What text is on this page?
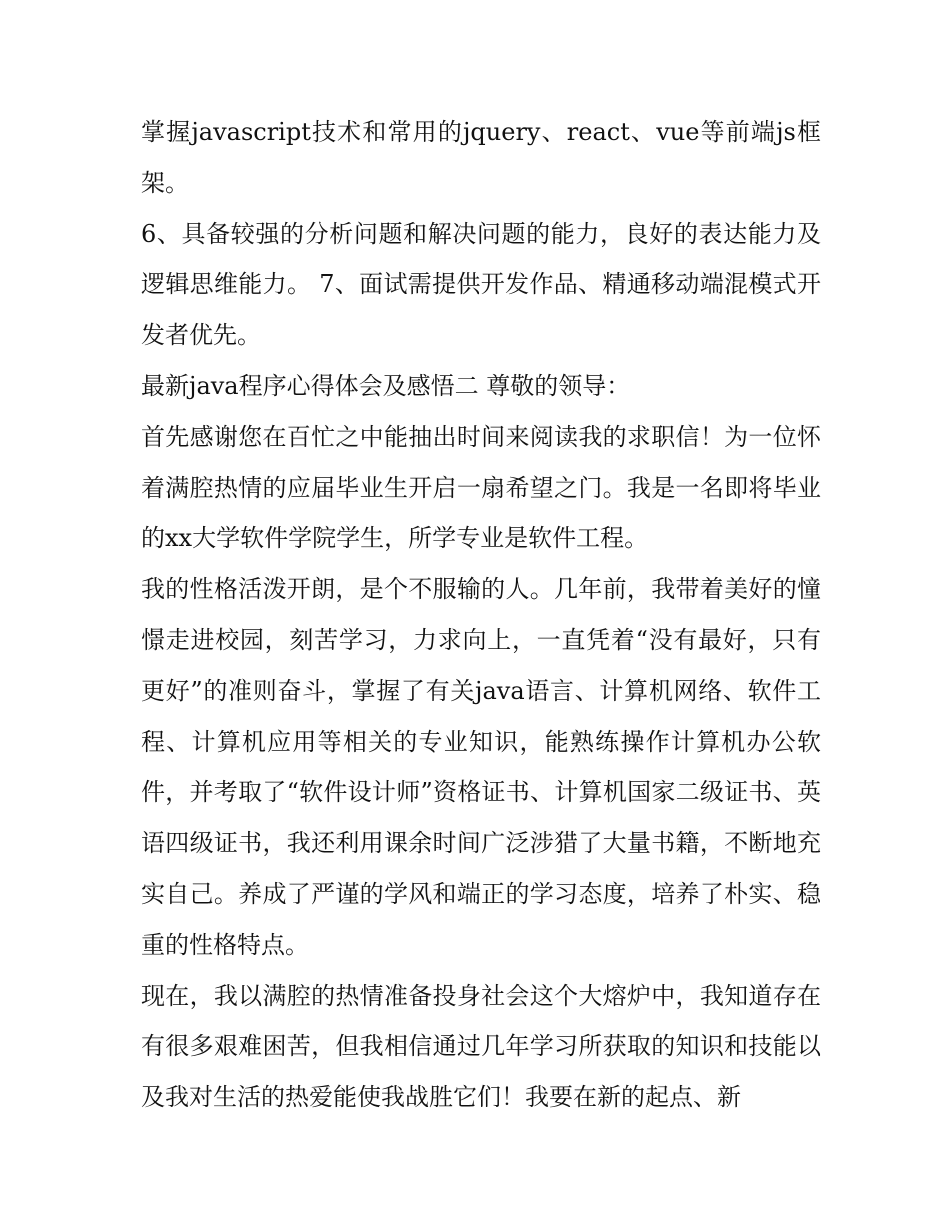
掌握javascript技术和常用的jquery、react、vue等前端js框架。

6、具备较强的分析问题和解决问题的能力，良好的表达能力及逻辑思维能力。 7、面试需提供开发作品、精通移动端混模式开发者优先。

最新java程序心得体会及感悟二 尊敬的领导：

首先感谢您在百忙之中能抽出时间来阅读我的求职信！为一位怀着满腔热情的应届毕业生开启一扇希望之门。我是一名即将毕业的xx大学软件学院学生，所学专业是软件工程。

我的性格活泼开朗，是个不服输的人。几年前，我带着美好的憧憬走进校园，刻苦学习，力求向上，一直凭着“没有最好，只有更好”的准则奋斗，掌握了有关java语言、计算机网络、软件工程、计算机应用等相关的专业知识，能熟练操作计算机办公软件，并考取了“软件设计师”资格证书、计算机国家二级证书、英语四级证书，我还利用课余时间广泛涉猎了大量书籍，不断地充实自己。养成了严谨的学风和端正的学习态度，培养了朴实、稳重的性格特点。

现在，我以满腔的热情准备投身社会这个大熔炉中，我知道存在有很多艰难困苦，但我相信通过几年学习所获取的知识和技能以及我对生活的热爱能使我战胜它们！我要在新的起点、新
